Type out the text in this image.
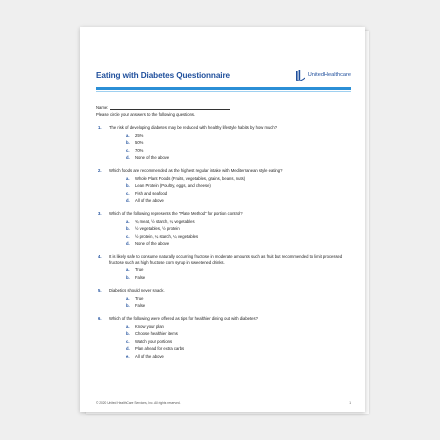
Eating with Diabetes Questionnaire	UnitedHealthcare
Name:
Please circle your answers to the following questions.
1.	The risk of developing diabetes may be reduced with healthy lifestyle habits by how much?
a.	25%
b.	50%
c.	70%
d.	None of the above
2.	Which foods are recommended as the highest regular intake with Mediterranean style eating?
a.	Whole Plant Foods (Fruits, vegetables, grains, beans, nuts)
b.	Lean Protein (Poultry, eggs, and cheese)
c.	Fish and seafood
d.	All of the above
3.	Which of the following represents the "Plate Method" for portion control?
a.	¾ meat, ½ starch, ¼ vegetables
b.	½ vegetables, ½ protein
c.	½ protein, ¼ starch, ¼ vegetables
d.	None of the above
4.	It is likely safe to consume naturally occurring fructose in moderate amounts such as fruit but recommended to limit processed fructose such as high fructose corn syrup in sweetened drinks.
a.	True
b.	False
5.	Diabetics should never snack.
a.	True
b.	False
6.	Which of the following were offered as tips for healthier dining out with diabetes?
a.	Know your plan
b.	Choose healthier items
c.	Watch your portions
d.	Plan ahead for extra carbs
e.	All of the above
© 2020 United HealthCare Services, Inc. All rights reserved.	1
